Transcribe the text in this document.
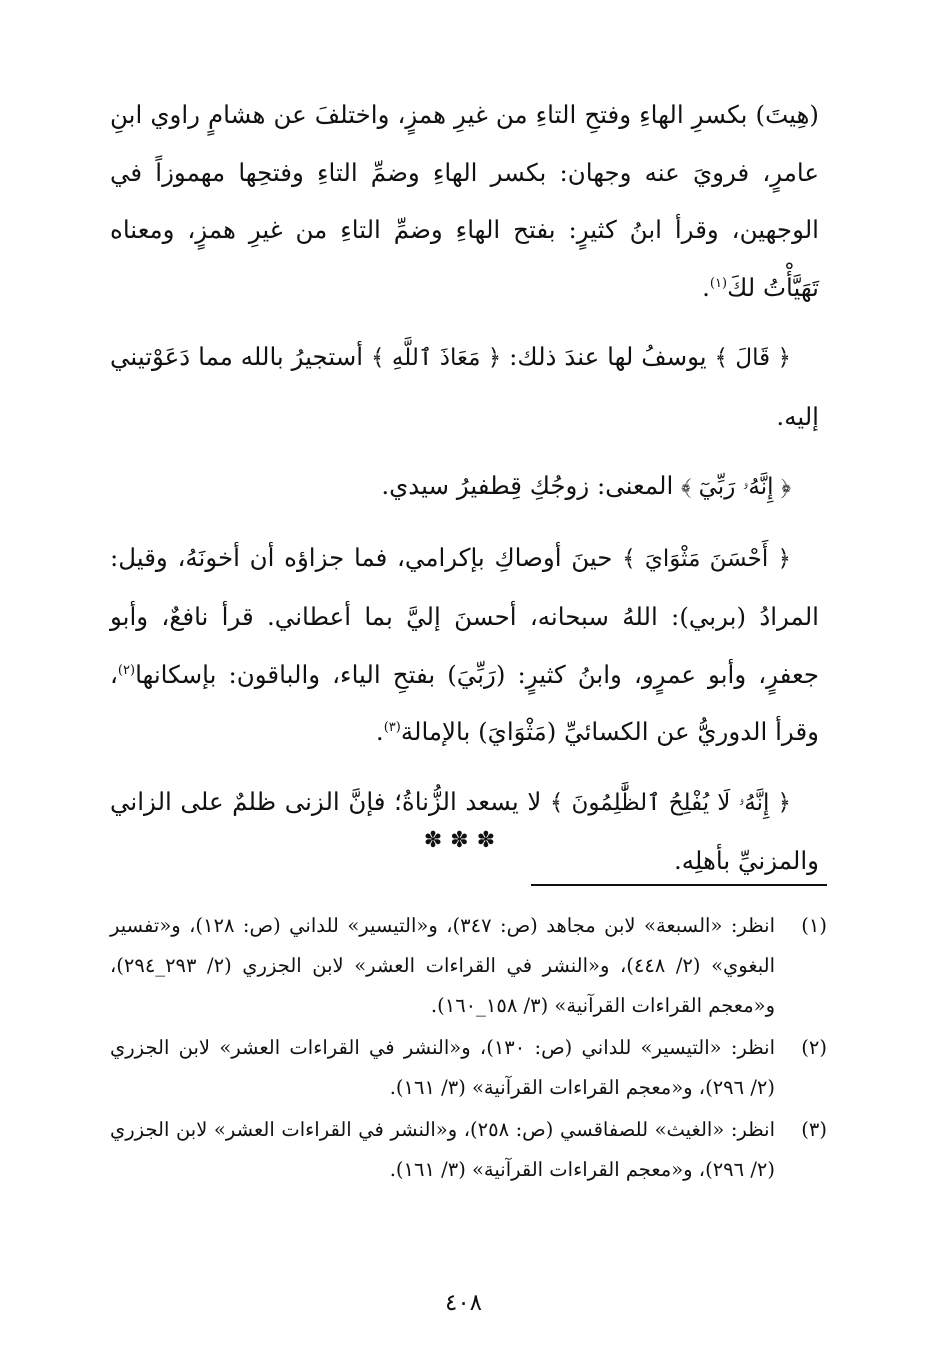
(هِيتَ) بكسرِ الهاءِ وفتحِ التاءِ من غيرِ همزٍ، واختلفَ عن هشامٍ راوي ابنِ عامرٍ، فرويَ عنه وجهان: بكسر الهاءِ وضمِّ التاءِ وفتحِها مهموزاً في الوجهين، وقرأ ابنُ كثيرٍ: بفتح الهاءِ وضمِّ التاءِ من غيرِ همزٍ، ومعناه تَهَيَّأْتُ لكَ$^{(١)}$.

﴿ قَالَ ﴾ يوسفُ لها عندَ ذلك: ﴿ مَعَاذَ ٱللَّهِ ﴾ أستجيرُ بالله مما دَعَوْتيني إليه.

﴿ إِنَّهُۥ رَبِّيٓ ﴾ المعنى: زوجُكِ قِطفيرُ سيدي.

﴿ أَحْسَنَ مَثْوَايَ ﴾ حينَ أوصاكِ بإكرامي، فما جزاؤه أن أخونَهُ، وقيل: المرادُ (بربي): اللهُ سبحانه، أحسنَ إليَّ بما أعطاني. قرأ نافعٌ، وأبو جعفرٍ، وأبو عمرٍو، وابنُ كثيرٍ: (رَبِّيَ) بفتحِ الياء، والباقون: بإسكانها$^{(٢)}$، وقرأ الدوريُّ عن الكسائيِّ (مَثْوَايَ) بالإمالة$^{(٣)}$.

﴿ إِنَّهُۥ لَا يُفْلِحُ ٱلظَّٰلِمُونَ ﴾ لا يسعد الزُّناةُ؛ فإنَّ الزنى ظلمٌ على الزاني والمزنيِّ بأهلِه.

✽✽✽
(١)
انظر: «السبعة» لابن مجاهد (ص: ٣٤٧)، و«التيسير» للداني (ص: ١٢٨)، و«تفسير البغوي» (٢/ ٤٤٨)، و«النشر في القراءات العشر» لابن الجزري (٢/ ٢٩٣_٢٩٤)، و«معجم القراءات القرآنية» (٣/ ١٥٨_١٦٠).
(٢)
انظر: «التيسير» للداني (ص: ١٣٠)، و«النشر في القراءات العشر» لابن الجزري (٢/ ٢٩٦)، و«معجم القراءات القرآنية» (٣/ ١٦١).
(٣)
انظر: «الغيث» للصفاقسي (ص: ٢٥٨)، و«النشر في القراءات العشر» لابن الجزري (٢/ ٢٩٦)، و«معجم القراءات القرآنية» (٣/ ١٦١).
٤٠٨
